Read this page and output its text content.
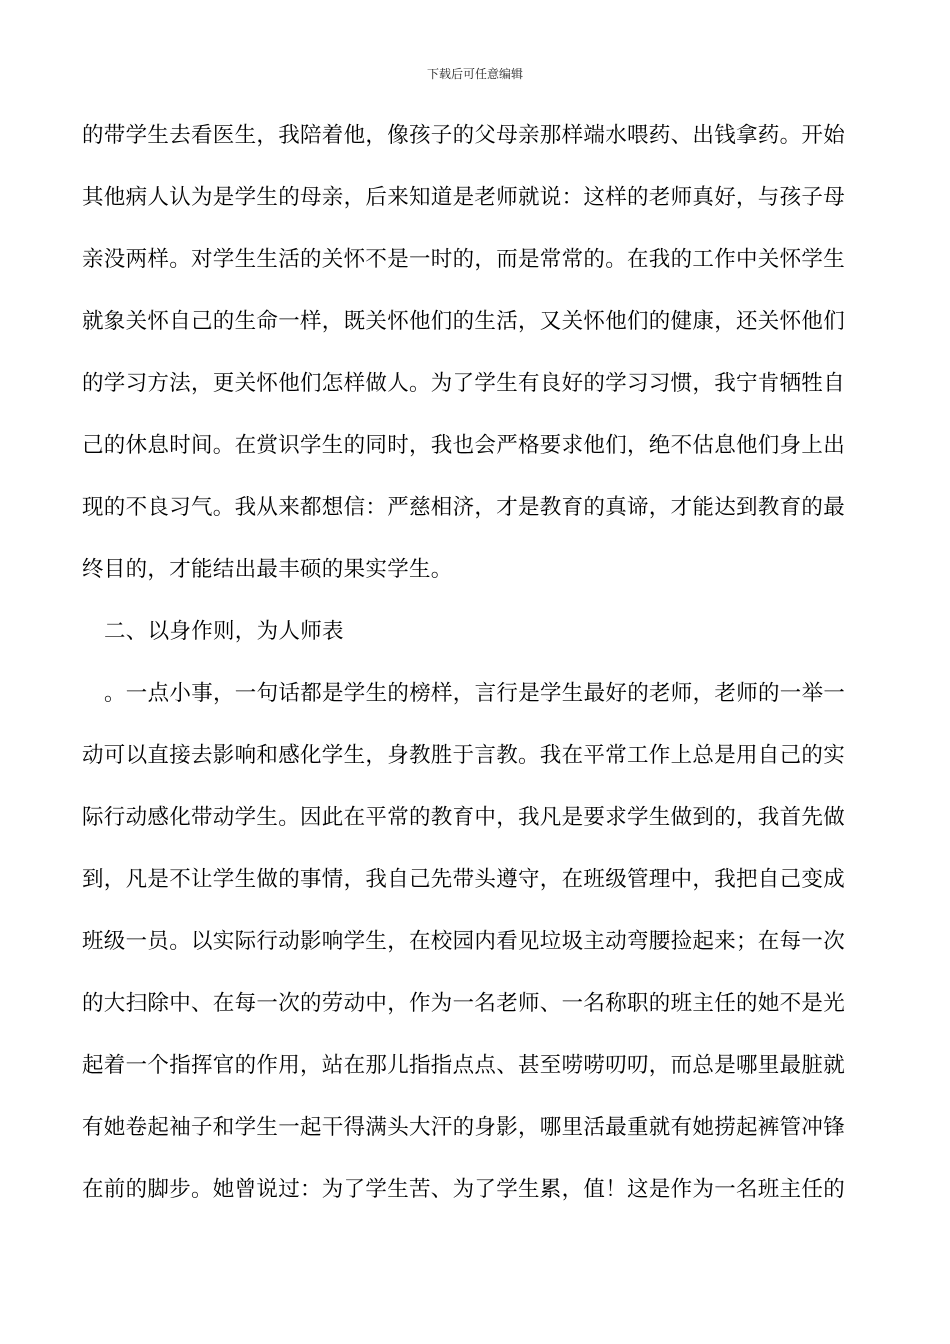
下载后可任意编辑
的带学生去看医生，我陪着他，像孩子的父母亲那样端水喂药、出钱拿药。开始
其他病人认为是学生的母亲，后来知道是老师就说：这样的老师真好，与孩子母
亲没两样。对学生生活的关怀不是一时的，而是常常的。在我的工作中关怀学生
就象关怀自己的生命一样，既关怀他们的生活，又关怀他们的健康，还关怀他们
的学习方法，更关怀他们怎样做人。为了学生有良好的学习习惯，我宁肯牺牲自
己的休息时间。在赏识学生的同时，我也会严格要求他们，绝不估息他们身上出
现的不良习气。我从来都想信：严慈相济，才是教育的真谛，才能达到教育的最
终目的，才能结出最丰硕的果实学生。
二、以身作则，为人师表
。一点小事，一句话都是学生的榜样，言行是学生最好的老师，老师的一举一
动可以直接去影响和感化学生，身教胜于言教。我在平常工作上总是用自己的实
际行动感化带动学生。因此在平常的教育中，我凡是要求学生做到的，我首先做
到，凡是不让学生做的事情，我自己先带头遵守，在班级管理中，我把自己变成
班级一员。以实际行动影响学生，在校园内看见垃圾主动弯腰捡起来；在每一次
的大扫除中、在每一次的劳动中，作为一名老师、一名称职的班主任的她不是光
起着一个指挥官的作用，站在那儿指指点点、甚至唠唠叨叨，而总是哪里最脏就
有她卷起袖子和学生一起干得满头大汗的身影，哪里活最重就有她捞起裤管冲锋
在前的脚步。她曾说过：为了学生苦、为了学生累，值！这是作为一名班主任的
